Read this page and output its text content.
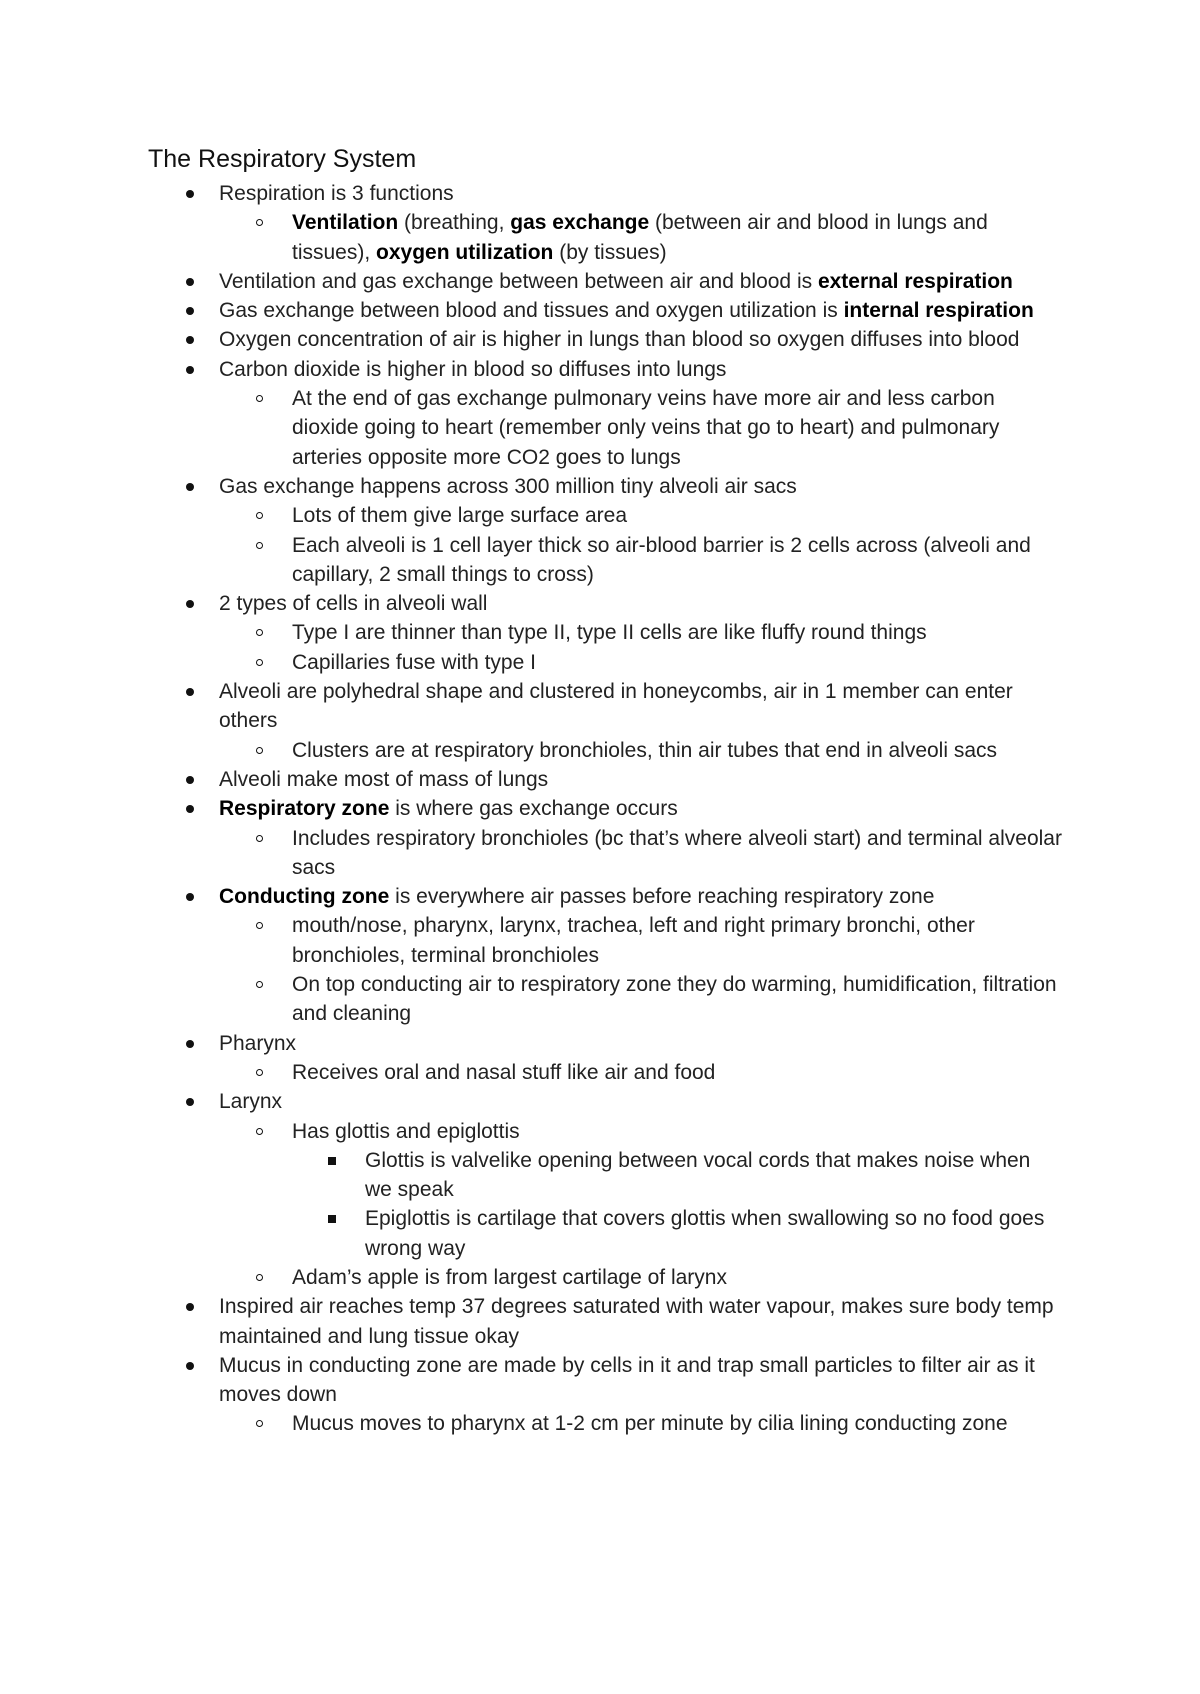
The Respiratory System
Respiration is 3 functions
Ventilation (breathing, gas exchange (between air and blood in lungs and tissues), oxygen utilization (by tissues)
Ventilation and gas exchange between between air and blood is external respiration
Gas exchange between blood and tissues and oxygen utilization is internal respiration
Oxygen concentration of air is higher in lungs than blood so oxygen diffuses into blood
Carbon dioxide is higher in blood so diffuses into lungs
At the end of gas exchange pulmonary veins have more air and less carbon dioxide going to heart (remember only veins that go to heart) and pulmonary arteries opposite more CO2 goes to lungs
Gas exchange happens across 300 million tiny alveoli air sacs
Lots of them give large surface area
Each alveoli is 1 cell layer thick so air-blood barrier is 2 cells across (alveoli and capillary, 2 small things to cross)
2 types of cells in alveoli wall
Type I are thinner than type II, type II cells are like fluffy round things
Capillaries fuse with type I
Alveoli are polyhedral shape and clustered in honeycombs, air in 1 member can enter others
Clusters are at respiratory bronchioles, thin air tubes that end in alveoli sacs
Alveoli make most of mass of lungs
Respiratory zone is where gas exchange occurs
Includes respiratory bronchioles (bc that’s where alveoli start) and terminal alveolar sacs
Conducting zone is everywhere air passes before reaching respiratory zone
mouth/nose, pharynx, larynx, trachea, left and right primary bronchi, other bronchioles, terminal bronchioles
On top conducting air to respiratory zone they do warming, humidification, filtration and cleaning
Pharynx
Receives oral and nasal stuff like air and food
Larynx
Has glottis and epiglottis
Glottis is valvelike opening between vocal cords that makes noise when we speak
Epiglottis is cartilage that covers glottis when swallowing so no food goes wrong way
Adam’s apple is from largest cartilage of larynx
Inspired air reaches temp 37 degrees saturated with water vapour, makes sure body temp maintained and lung tissue okay
Mucus in conducting zone are made by cells in it and trap small particles to filter air as it moves down
Mucus moves to pharynx at 1-2 cm per minute by cilia lining conducting zone
